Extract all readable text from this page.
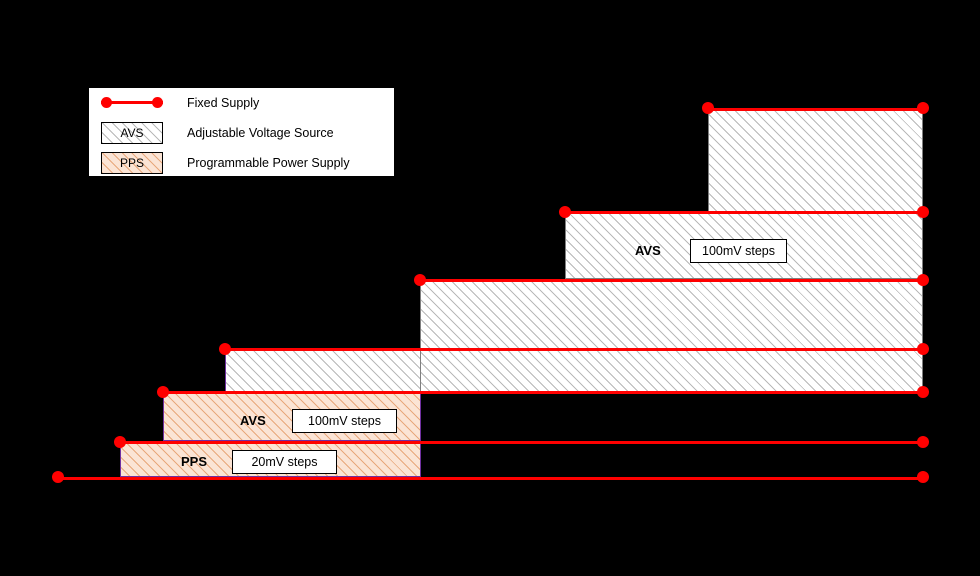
AVS	100mV steps
AVS	100mV steps
PPS	20mV steps
Fixed Supply
AVS	Adjustable Voltage Source
PPS	Programmable Power Supply
